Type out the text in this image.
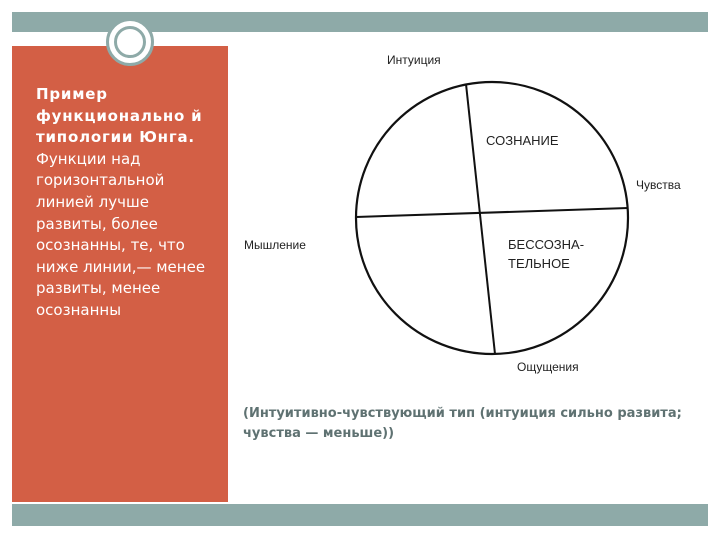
Пример функционально й типологии Юнга. Функции над горизонтальной линией лучше развиты, более осознанны, те, что ниже линии,— менее развиты, менее осознанны
Интуиция
Чувства
Мышление
Ощущения
СОЗНАНИЕ
БЕССОЗНА-
ТЕЛЬНОЕ
(Интуитивно-чувствующий тип (интуиция сильно развита; чувства — меньше))
